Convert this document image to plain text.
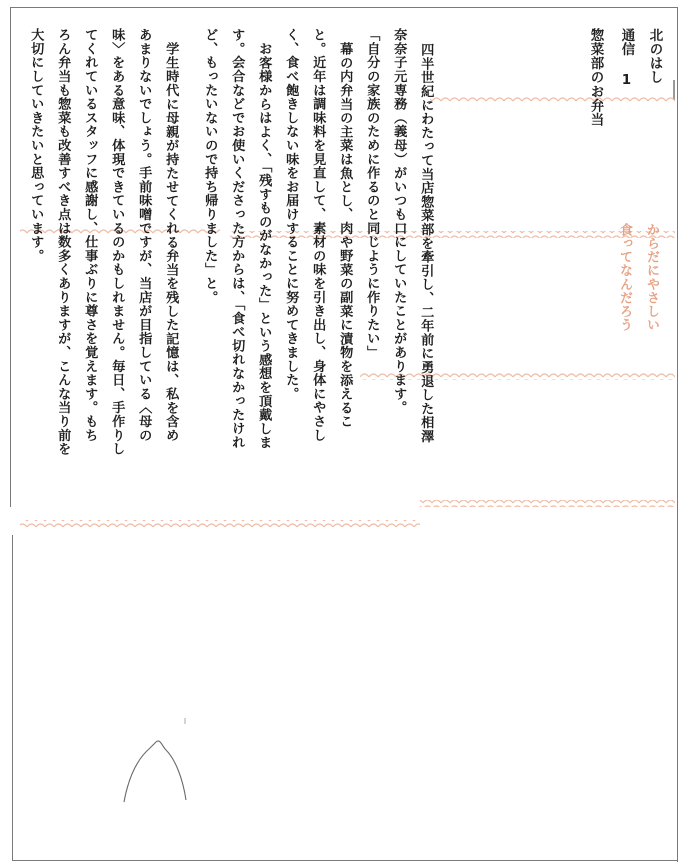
北のはし
通信
1
惣菜部のお弁当
からだにやさしい
食ってなんだろう
四半世紀にわたって当店惣菜部を牽引し、二年前に勇退した相澤
奈奈子元専務（義母）がいつも口にしていたことがあります。
「自分の家族のために作るのと同じように作りたい」
幕の内弁当の主菜は魚とし、肉や野菜の副菜に漬物を添えるこ
と。近年は調味料を見直して、素材の味を引き出し、身体にやさし
く、食べ飽きしない味をお届けすることに努めてきました。
お客様からはよく、「残すものがなかった」という感想を頂戴しま
す。会合などでお使いくださった方からは、「食べ切れなかったけれ
ど、もったいないので持ち帰りました」と。
学生時代に母親が持たせてくれる弁当を残した記憶は、私を含め
あまりないでしょう。手前味噌ですが、当店が目指している〈母の
味〉をある意味、体現できているのかもしれません。毎日、手作りし
てくれているスタッフに感謝し、仕事ぶりに尊さを覚えます。もち
ろん弁当も惣菜も改善すべき点は数多くありますが、こんな当り前を
大切にしていきたいと思っています。
